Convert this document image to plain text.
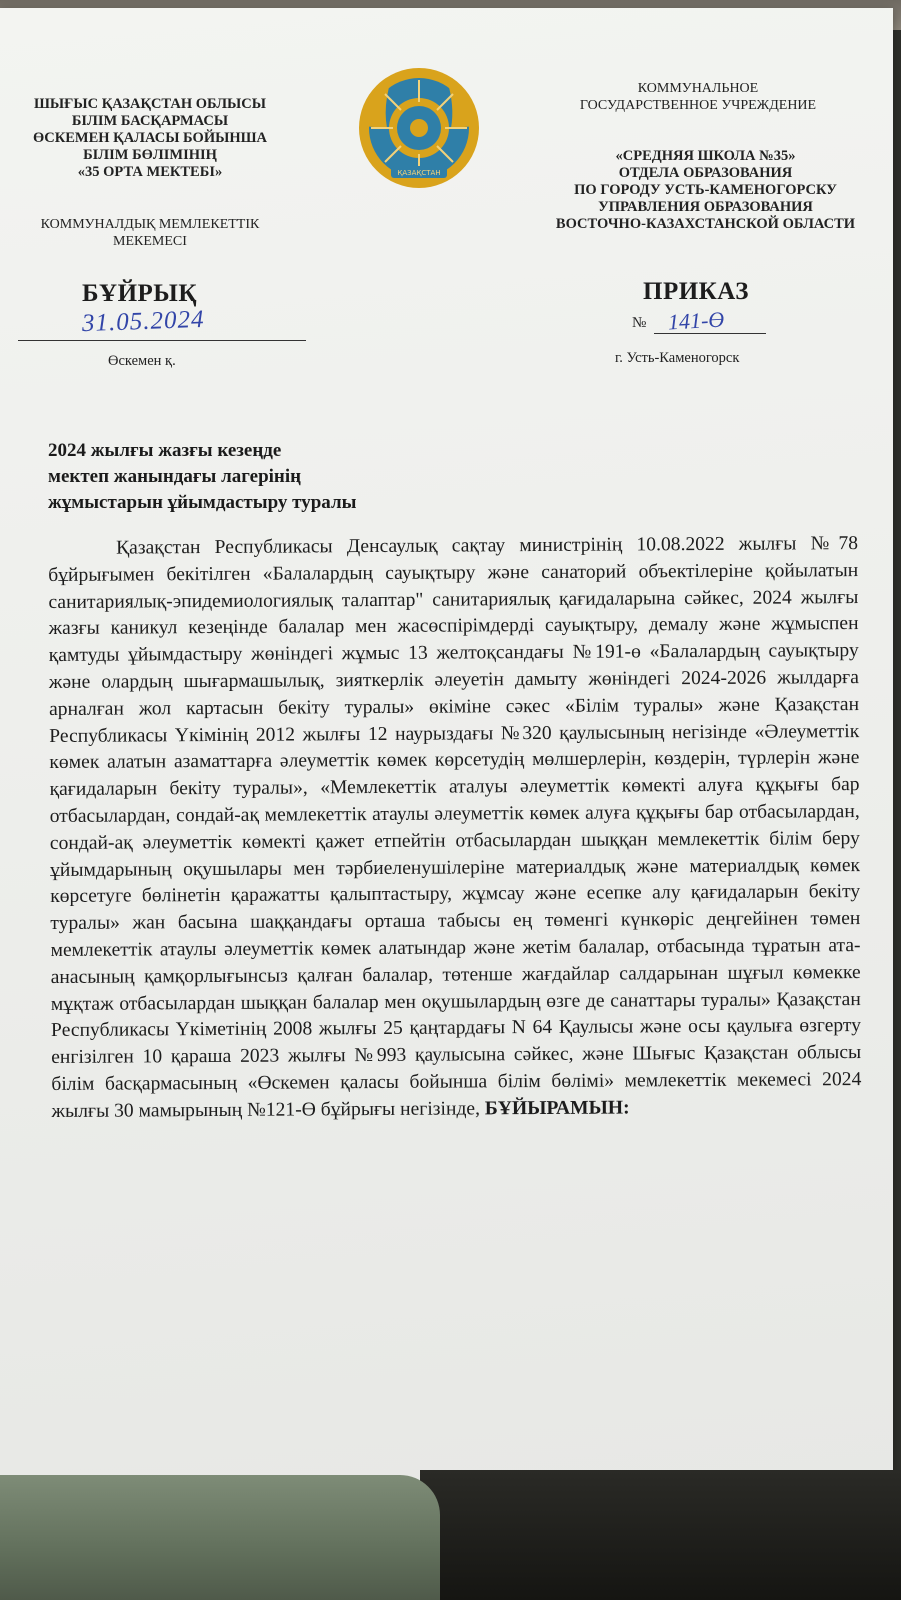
ШЫҒЫС ҚАЗАҚСТАН ОБЛЫСЫ
БІЛІМ БАСҚАРМАСЫ
ӨСКЕМЕН ҚАЛАСЫ БОЙЫНША
БІЛІМ БӨЛІМІНІҢ
«35 ОРТА МЕКТЕБІ»
КОММУНАЛДЫҚ МЕМЛЕКЕТТІК
МЕКЕМЕСІ
ҚАЗАҚСТАН
КОММУНАЛЬНОЕ
ГОСУДАРСТВЕННОЕ УЧРЕЖДЕНИЕ
«СРЕДНЯЯ ШКОЛА №35»
ОТДЕЛА ОБРАЗОВАНИЯ
ПО ГОРОДУ УСТЬ-КАМЕНОГОРСКУ
УПРАВЛЕНИЯ ОБРАЗОВАНИЯ
ВОСТОЧНО-КАЗАХСТАНСКОЙ ОБЛАСТИ
БҰЙРЫҚ	ПРИКАЗ
31.05.2024	№ 141-Ө
Өскемен қ.	г. Усть-Каменогорск
2024 жылғы жазғы кезеңде
мектеп жанындағы лагерінің
жұмыстарын ұйымдастыру туралы
Қазақстан Республикасы Денсаулық сақтау министрінің 10.08.2022 жылғы №78 бұйрығымен бекітілген «Балалардың сауықтыру және санаторий объектілеріне қойылатын санитариялық-эпидемиологиялық талаптар" санитариялық қағидаларына сәйкес, 2024 жылғы жазғы каникул кезеңінде балалар мен жасөспірімдерді сауықтыру, демалу және жұмыспен қамтуды ұйымдастыру жөніндегі жұмыс 13 желтоқсандағы №191-ө «Балалардың сауықтыру және олардың шығармашылық, зияткерлік әлеуетін дамыту жөніндегі 2024-2026 жылдарға арналған жол картасын бекіту туралы» өкіміне сәкес «Білім туралы» және Қазақстан Республикасы Үкімінің 2012 жылғы 12 наурыздағы №320 қаулысының негізінде «Әлеуметтік көмек алатын азаматтарға әлеуметтік көмек көрсетудің мөлшерлерін, көздерін, түрлерін және қағидаларын бекіту туралы», «Мемлекеттік аталуы әлеуметтік көмекті алуға құқығы бар отбасылардан, сондай-ақ мемлекеттік атаулы әлеуметтік көмек алуға құқығы бар отбасылардан, сондай-ақ әлеуметтік көмекті қажет етпейтін отбасылардан шыққан мемлекеттік білім беру ұйымдарының оқушылары мен тәрбиеленушілеріне материалдық және материалдық көмек көрсетуге бөлінетін қаражатты қалыптастыру, жұмсау және есепке алу қағидаларын бекіту туралы» жан басына шаққандағы орташа табысы ең төменгі күнкөріс деңгейінен төмен мемлекеттік атаулы әлеуметтік көмек алатындар және жетім балалар, отбасында тұратын ата-анасының қамқорлығынсыз қалған балалар, төтенше жағдайлар салдарынан шұғыл көмекке мұқтаж отбасылардан шыққан балалар мен оқушылардың өзге де санаттары туралы» Қазақстан Республикасы Үкіметінің 2008 жылғы 25 қаңтардағы N 64 Қаулысы және осы қаулыға өзгерту енгізілген 10 қараша 2023 жылғы №993 қаулысына сәйкес, және Шығыс Қазақстан облысы білім басқармасының «Өскемен қаласы бойынша білім бөлімі» мемлекеттік мекемесі 2024 жылғы 30 мамырының №121-Ө бұйрығы негізінде, БҰЙЫРАМЫН:
